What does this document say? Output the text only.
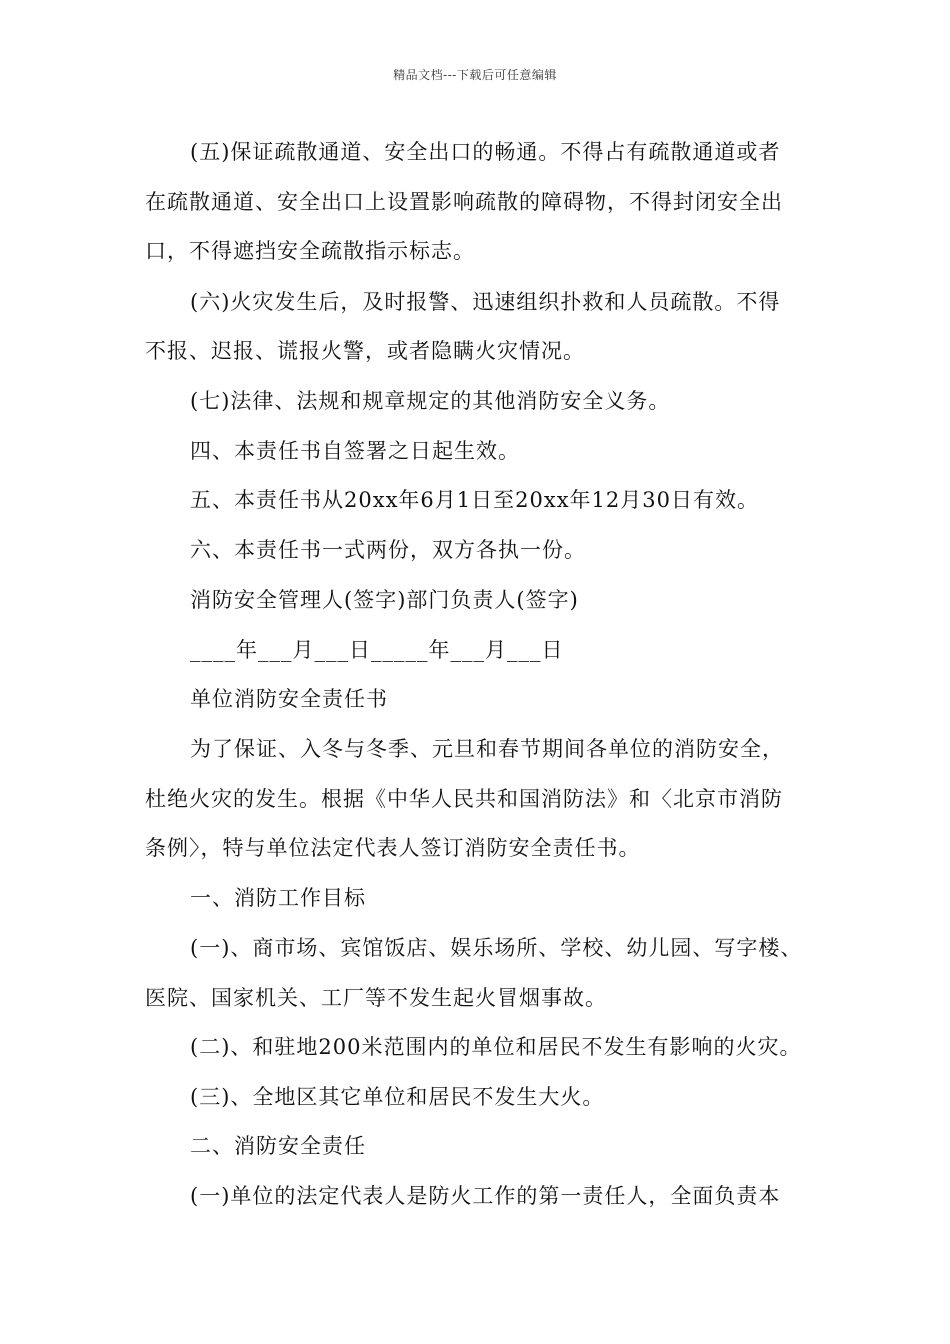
精品文档---下载后可任意编辑
(五)保证疏散通道、安全出口的畅通。不得占有疏散通道或者
在疏散通道、安全出口上设置影响疏散的障碍物，不得封闭安全出
口，不得遮挡安全疏散指示标志。
(六)火灾发生后，及时报警、迅速组织扑救和人员疏散。不得
不报、迟报、谎报火警，或者隐瞒火灾情况。
(七)法律、法规和规章规定的其他消防安全义务。
四、本责任书自签署之日起生效。
五、本责任书从20xx年6月1日至20xx年12月30日有效。
六、本责任书一式两份，双方各执一份。
消防安全管理人(签字)部门负责人(签字)
____年___月___日_____年___月___日
单位消防安全责任书
为了保证、入冬与冬季、元旦和春节期间各单位的消防安全，
杜绝火灾的发生。根据《中华人民共和国消防法》和〈北京市消防
条例〉，特与单位法定代表人签订消防安全责任书。
一、消防工作目标
(一)、商市场、宾馆饭店、娱乐场所、学校、幼儿园、写字楼、
医院、国家机关、工厂等不发生起火冒烟事故。
(二)、和驻地200米范围内的单位和居民不发生有影响的火灾。
(三)、全地区其它单位和居民不发生大火。
二、消防安全责任
(一)单位的法定代表人是防火工作的第一责任人，全面负责本
